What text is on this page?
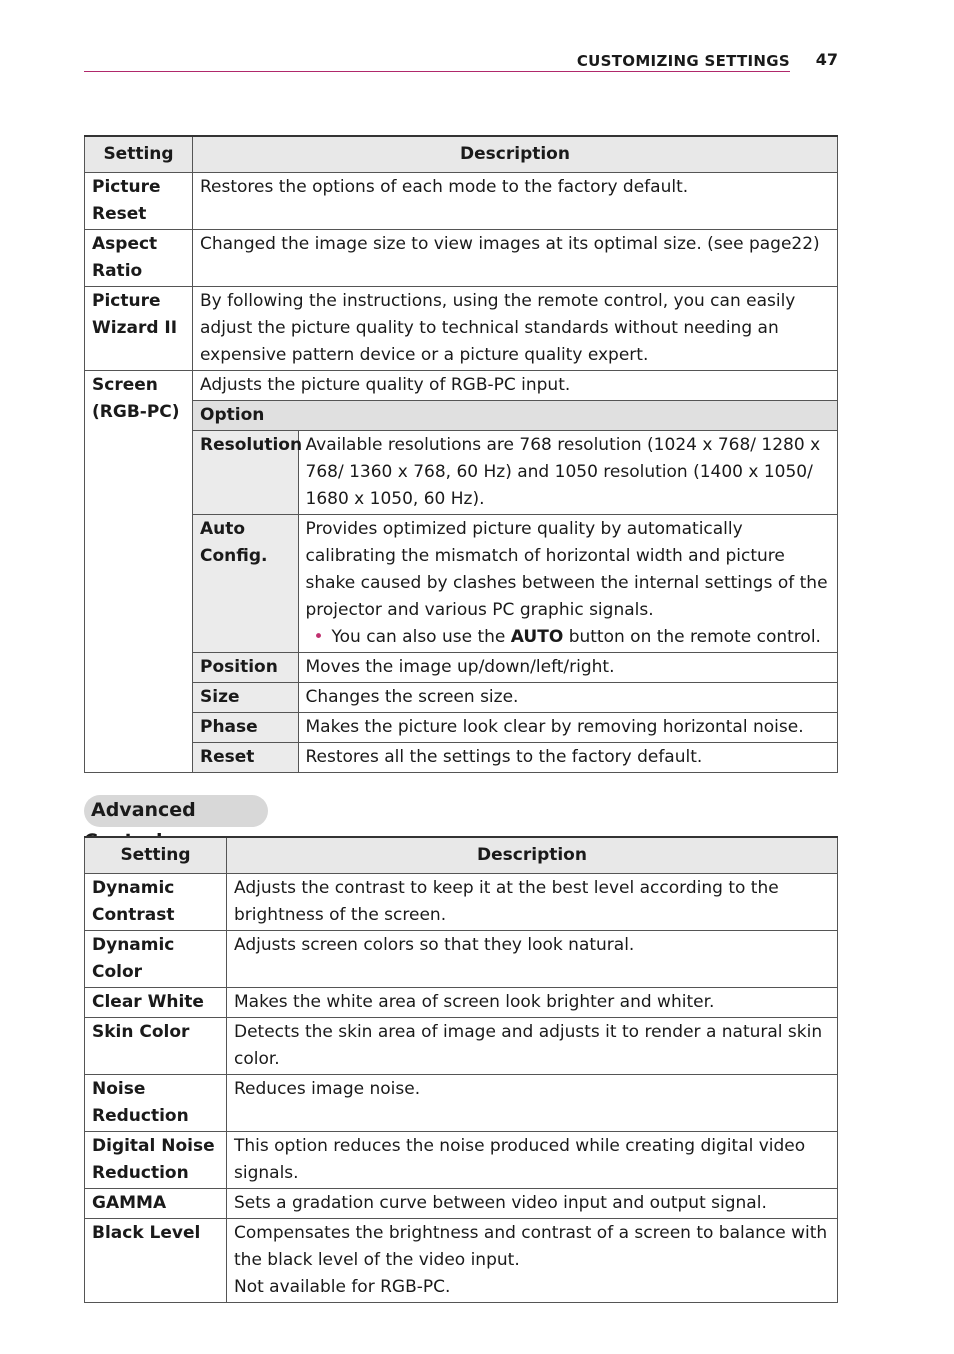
CUSTOMIZING SETTINGS 47
Setting	Description

Picture
Reset
	Restores the options of each mode to the factory default.

Aspect
Ratio
	Changed the image size to view images at its optimal size. (see page22)

Picture
Wizard II
	By following the instructions, using the remote control, you can easily adjust the picture quality to technical standards without needing an expensive pattern device or a picture quality expert.

Screen
(RGB-PC)

Adjusts the picture quality of RGB-PC input.
Option
Resolution	Available resolutions are 768 resolution (1024 x 768/ 1280 x 768/ 1360 x 768, 60 Hz) and 1050 resolution (1400 x 1050/ 1680 x 1050, 60 Hz).
Auto Config.	Provides optimized picture quality by automatically calibrating the mismatch of horizontal width and picture shake caused by clashes between the internal settings of the projector and various PC graphic signals.
• You can also use the AUTO button on the remote control.

Position	Moves the image up/down/left/right.
Size	Changes the screen size.
Phase	Makes the picture look clear by removing horizontal noise.
Reset	Restores all the settings to the factory default.
Advanced
Setting	Description
Dynamic Contrast	Adjusts the contrast to keep it at the best level according to the brightness of the screen.
Dynamic Color	Adjusts screen colors so that they look natural.
Clear White	Makes the white area of screen look brighter and whiter.
Skin Color	Detects the skin area of image and adjusts it to render a natural skin color.
Noise Reduction	Reduces image noise.
Digital Noise Reduction	This option reduces the noise produced while creating digital video signals.
GAMMA	Sets a gradation curve between video input and output signal.
Black Level	Compensates the brightness and contrast of a screen to balance with the black level of the video input.
Not available for RGB-PC.
